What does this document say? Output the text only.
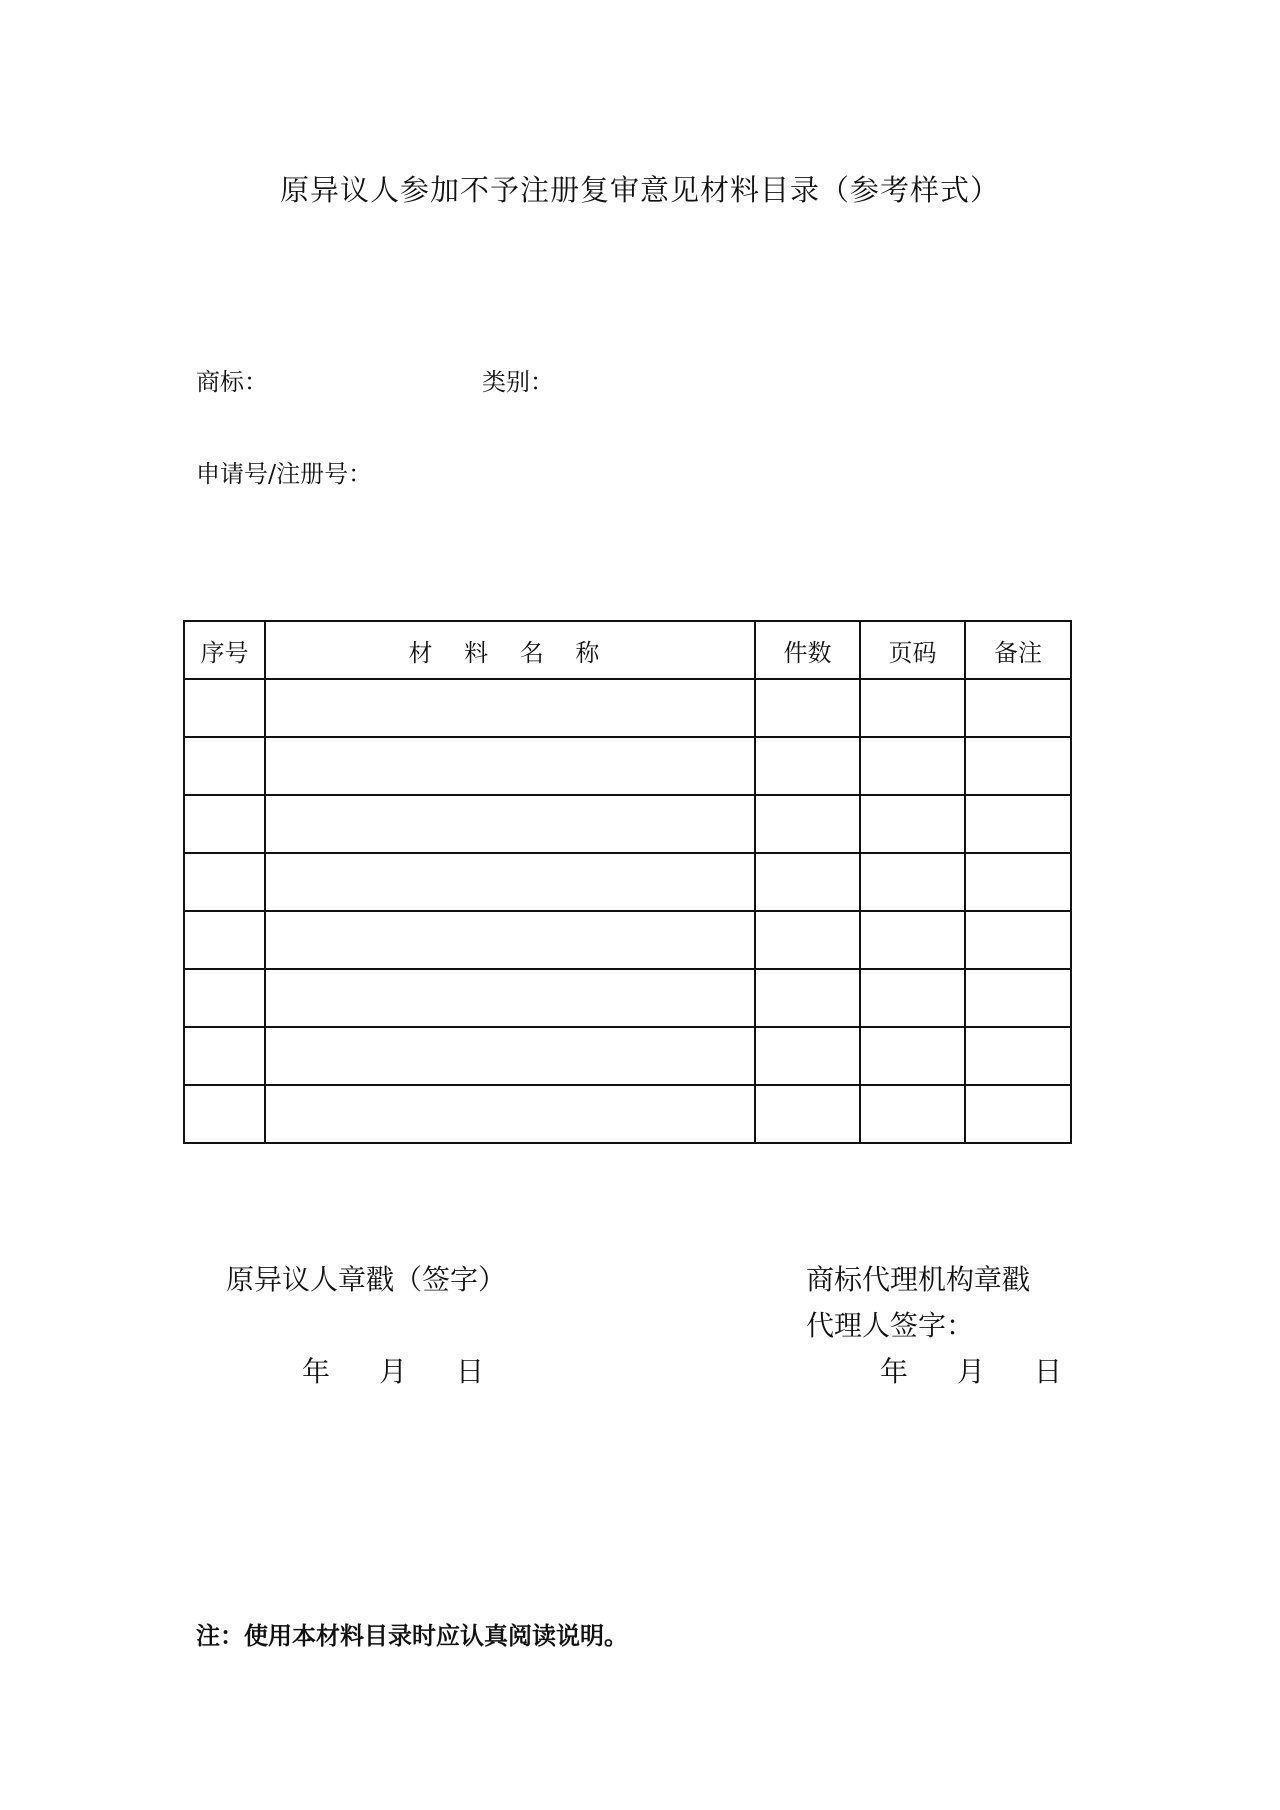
原异议人参加不予注册复审意见材料目录（参考样式）
商标：	类别：
申请号/注册号：
序号	材 料 名 称	件数	页码	备注

原异议人章戳（签字）
年 月 日
商标代理机构章戳
代理人签字：
年 月 日
注：使用本材料目录时应认真阅读说明。
